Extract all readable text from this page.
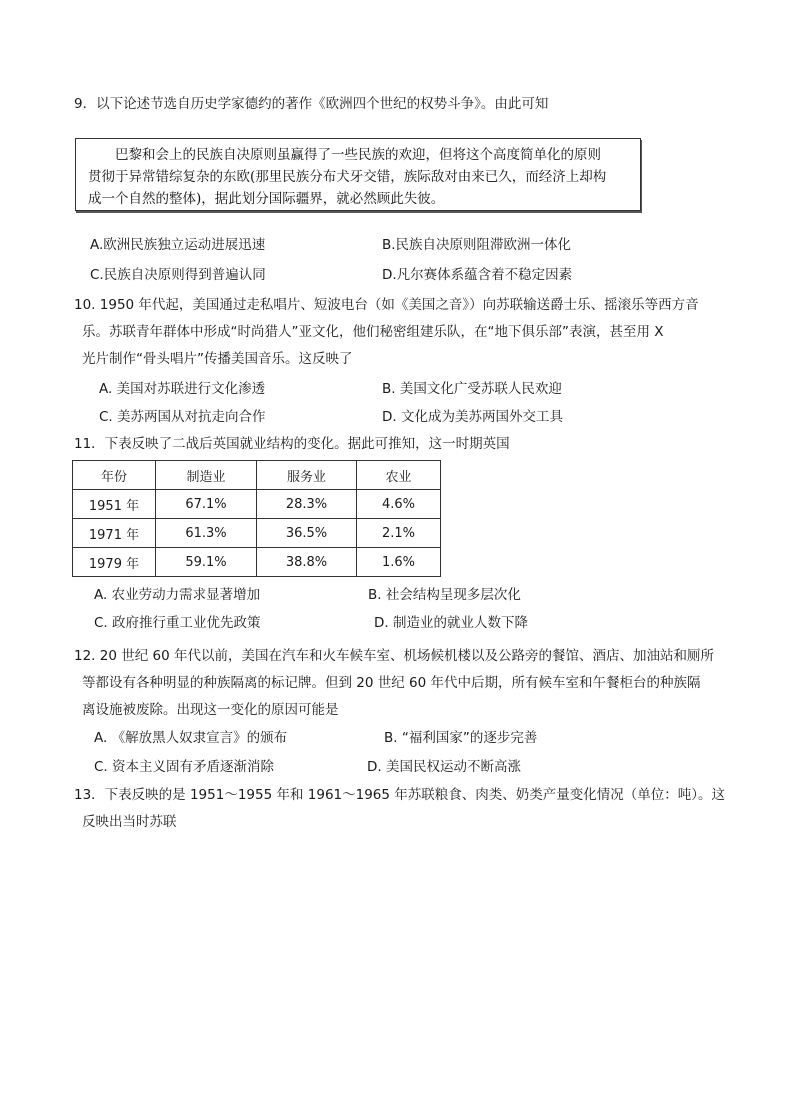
9．以下论述节选自历史学家德约的著作《欧洲四个世纪的权势斗争》。由此可知
巴黎和会上的民族自决原则虽赢得了一些民族的欢迎，但将这个高度简单化的原则
贯彻于异常错综复杂的东欧(那里民族分布犬牙交错，族际敌对由来已久，而经济上却构
成一个自然的整体)，据此划分国际疆界，就必然顾此失彼。
A.欧洲民族独立运动进展迅速	B.民族自决原则阻滞欧洲一体化
C.民族自决原则得到普遍认同	D.凡尔赛体系蕴含着不稳定因素
10. 1950 年代起，美国通过走私唱片、短波电台（如《美国之音》）向苏联输送爵士乐、摇滚乐等西方音
乐。苏联青年群体中形成“时尚猎人”亚文化，他们秘密组建乐队，在“地下俱乐部”表演，甚至用 X
光片制作“骨头唱片”传播美国音乐。这反映了
A. 美国对苏联进行文化渗透	B. 美国文化广受苏联人民欢迎
C. 美苏两国从对抗走向合作	D. 文化成为美苏两国外交工具
11．下表反映了二战后英国就业结构的变化。据此可推知，这一时期英国
年份	制造业	服务业	农业
1951 年	67.1%	28.3%	4.6%
1971 年	61.3%	36.5%	2.1%
1979 年	59.1%	38.8%	1.6%
A. 农业劳动力需求显著增加	B. 社会结构呈现多层次化
C. 政府推行重工业优先政策	D. 制造业的就业人数下降
12. 20 世纪 60 年代以前，美国在汽车和火车候车室、机场候机楼以及公路旁的餐馆、酒店、加油站和厕所
等都设有各种明显的种族隔离的标记牌。但到 20 世纪 60 年代中后期，所有候车室和午餐柜台的种族隔
离设施被废除。出现这一变化的原因可能是
A. 《解放黑人奴隶宣言》的颁布	B. “福利国家”的逐步完善
C. 资本主义固有矛盾逐渐消除	D. 美国民权运动不断高涨
13．下表反映的是 1951～1955 年和 1961～1965 年苏联粮食、肉类、奶类产量变化情况（单位：吨）。这
反映出当时苏联
